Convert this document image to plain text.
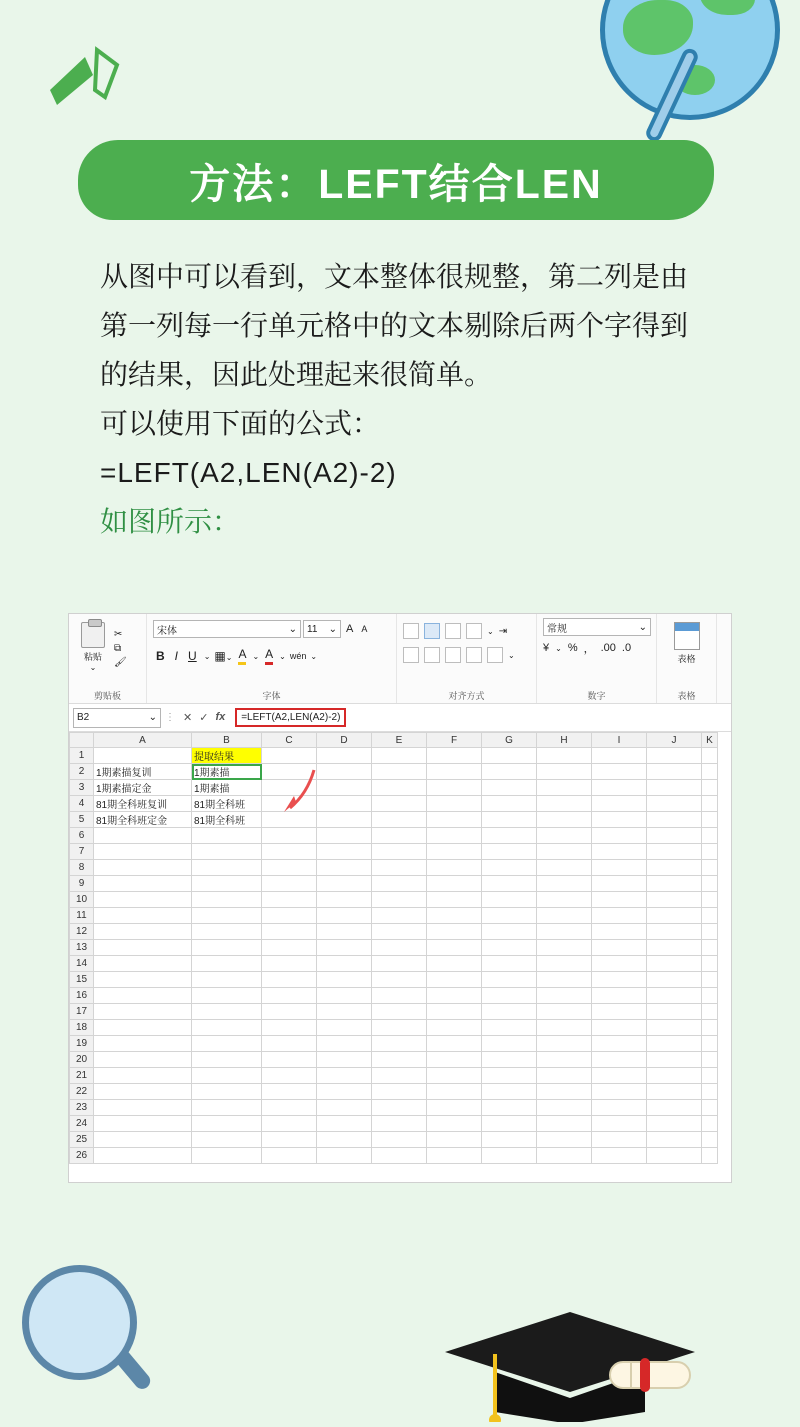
方法：LEFT结合LEN

从图中可以看到，文本整体很规整，第二列是由第一列每一行单元格中的文本剔除后两个字得到的结果，因此处理起来很简单。

可以使用下面的公式：

=LEFT(A2,LEN(A2)-2)

如图所示：

粘贴
⌄
✂
⧉
🖌
剪贴板
宋体	⌄ 11 ⌄ A A
B I U ⌄ ▦⌄ A ⌄ A ⌄ wén ⌄
字体
⌄ ⇥
⌄
对齐方式
常规	⌄
¥ ⌄ % ， .00 .0
数字
表格
表格
B2	⌄ ⋮ ✕ ✓ fx	=LEFT(A2,LEN(A2)-2)
	A	B	C	D	E	F	G	H	I	J	K
1		提取结果									
2	1期素描复训	1期素描									
3	1期素描定金	1期素描									
4	81期全科班复训	81期全科班									
5	81期全科班定金	81期全科班									
6											
7											
8											
9											
10											
11											
12											
13											
14											
15											
16											
17											
18											
19											
20											
21											
22											
23											
24											
25											
26											
